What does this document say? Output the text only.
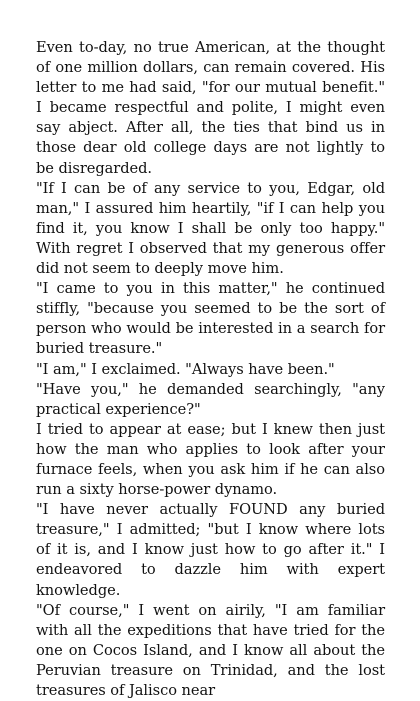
Even to-day, no true American, at the thought of one million dollars, can remain covered. His letter to me had said, "for our mutual benefit." I became respectful and polite, I might even say abject. After all, the ties that bind us in those dear old college days are not lightly to be disregarded.

"If I can be of any service to you, Edgar, old man," I assured him heartily, "if I can help you find it, you know I shall be only too happy." With regret I observed that my generous offer did not seem to deeply move him.

"I came to you in this matter," he continued stiffly, "because you seemed to be the sort of person who would be interested in a search for buried treasure."

"I am," I exclaimed. "Always have been."

"Have you," he demanded searchingly, "any practical experience?"

I tried to appear at ease; but I knew then just how the man who applies to look after your furnace feels, when you ask him if he can also run a sixty horse-power dynamo.

"I have never actually FOUND any buried treasure," I admitted; "but I know where lots of it is, and I know just how to go after it." I endeavored to dazzle him with expert knowledge.

"Of course," I went on airily, "I am familiar with all the expeditions that have tried for the one on Cocos Island, and I know all about the Peruvian treasure on Trinidad, and the lost treasures of Jalisco near
